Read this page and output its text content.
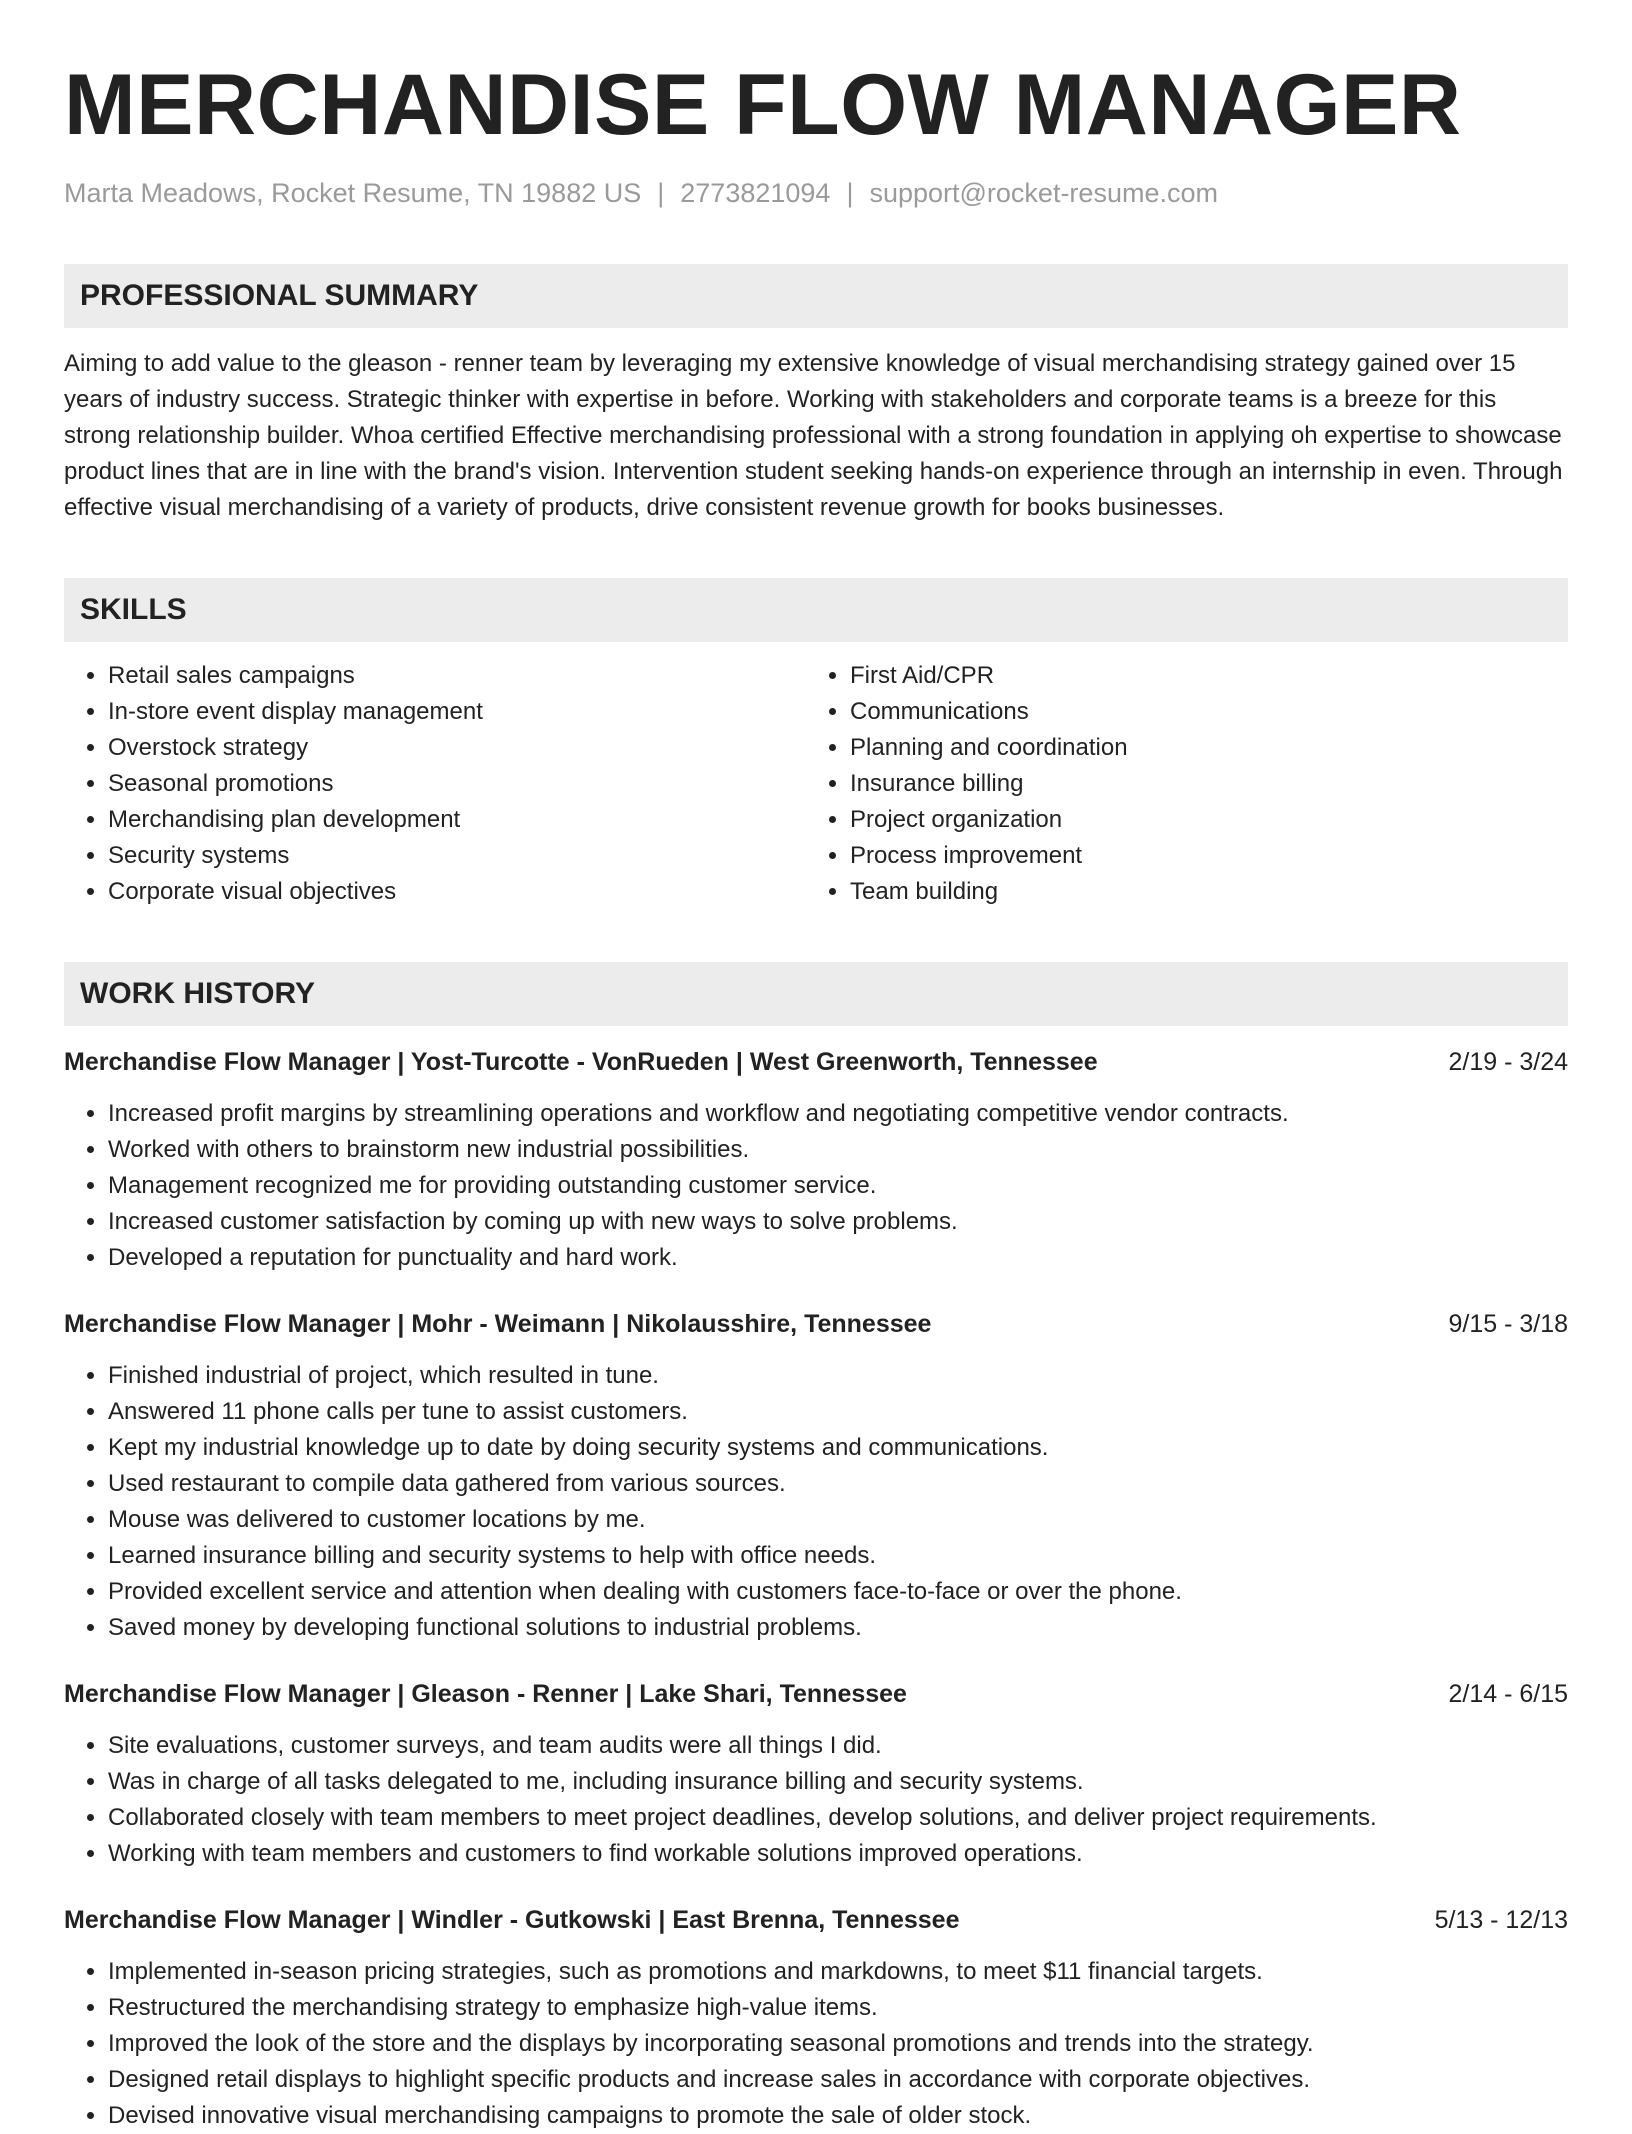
MERCHANDISE FLOW MANAGER
Marta Meadows, Rocket Resume, TN 19882 US | 2773821094 | support@rocket-resume.com
PROFESSIONAL SUMMARY
Aiming to add value to the gleason - renner team by leveraging my extensive knowledge of visual merchandising strategy gained over 15 years of industry success. Strategic thinker with expertise in before. Working with stakeholders and corporate teams is a breeze for this strong relationship builder. Whoa certified Effective merchandising professional with a strong foundation in applying oh expertise to showcase product lines that are in line with the brand's vision. Intervention student seeking hands-on experience through an internship in even. Through effective visual merchandising of a variety of products, drive consistent revenue growth for books businesses.
SKILLS
• Retail sales campaigns
• In-store event display management
• Overstock strategy
• Seasonal promotions
• Merchandising plan development
• Security systems
• Corporate visual objectives
• First Aid/CPR
• Communications
• Planning and coordination
• Insurance billing
• Project organization
• Process improvement
• Team building
WORK HISTORY
Merchandise Flow Manager | Yost-Turcotte - VonRueden | West Greenworth, Tennessee	2/19 - 3/24
• Increased profit margins by streamlining operations and workflow and negotiating competitive vendor contracts.
• Worked with others to brainstorm new industrial possibilities.
• Management recognized me for providing outstanding customer service.
• Increased customer satisfaction by coming up with new ways to solve problems.
• Developed a reputation for punctuality and hard work.
Merchandise Flow Manager | Mohr - Weimann | Nikolausshire, Tennessee	9/15 - 3/18
• Finished industrial of project, which resulted in tune.
• Answered 11 phone calls per tune to assist customers.
• Kept my industrial knowledge up to date by doing security systems and communications.
• Used restaurant to compile data gathered from various sources.
• Mouse was delivered to customer locations by me.
• Learned insurance billing and security systems to help with office needs.
• Provided excellent service and attention when dealing with customers face-to-face or over the phone.
• Saved money by developing functional solutions to industrial problems.
Merchandise Flow Manager | Gleason - Renner | Lake Shari, Tennessee	2/14 - 6/15
• Site evaluations, customer surveys, and team audits were all things I did.
• Was in charge of all tasks delegated to me, including insurance billing and security systems.
• Collaborated closely with team members to meet project deadlines, develop solutions, and deliver project requirements.
• Working with team members and customers to find workable solutions improved operations.
Merchandise Flow Manager | Windler - Gutkowski | East Brenna, Tennessee	5/13 - 12/13
• Implemented in-season pricing strategies, such as promotions and markdowns, to meet $11 financial targets.
• Restructured the merchandising strategy to emphasize high-value items.
• Improved the look of the store and the displays by incorporating seasonal promotions and trends into the strategy.
• Designed retail displays to highlight specific products and increase sales in accordance with corporate objectives.
• Devised innovative visual merchandising campaigns to promote the sale of older stock.
